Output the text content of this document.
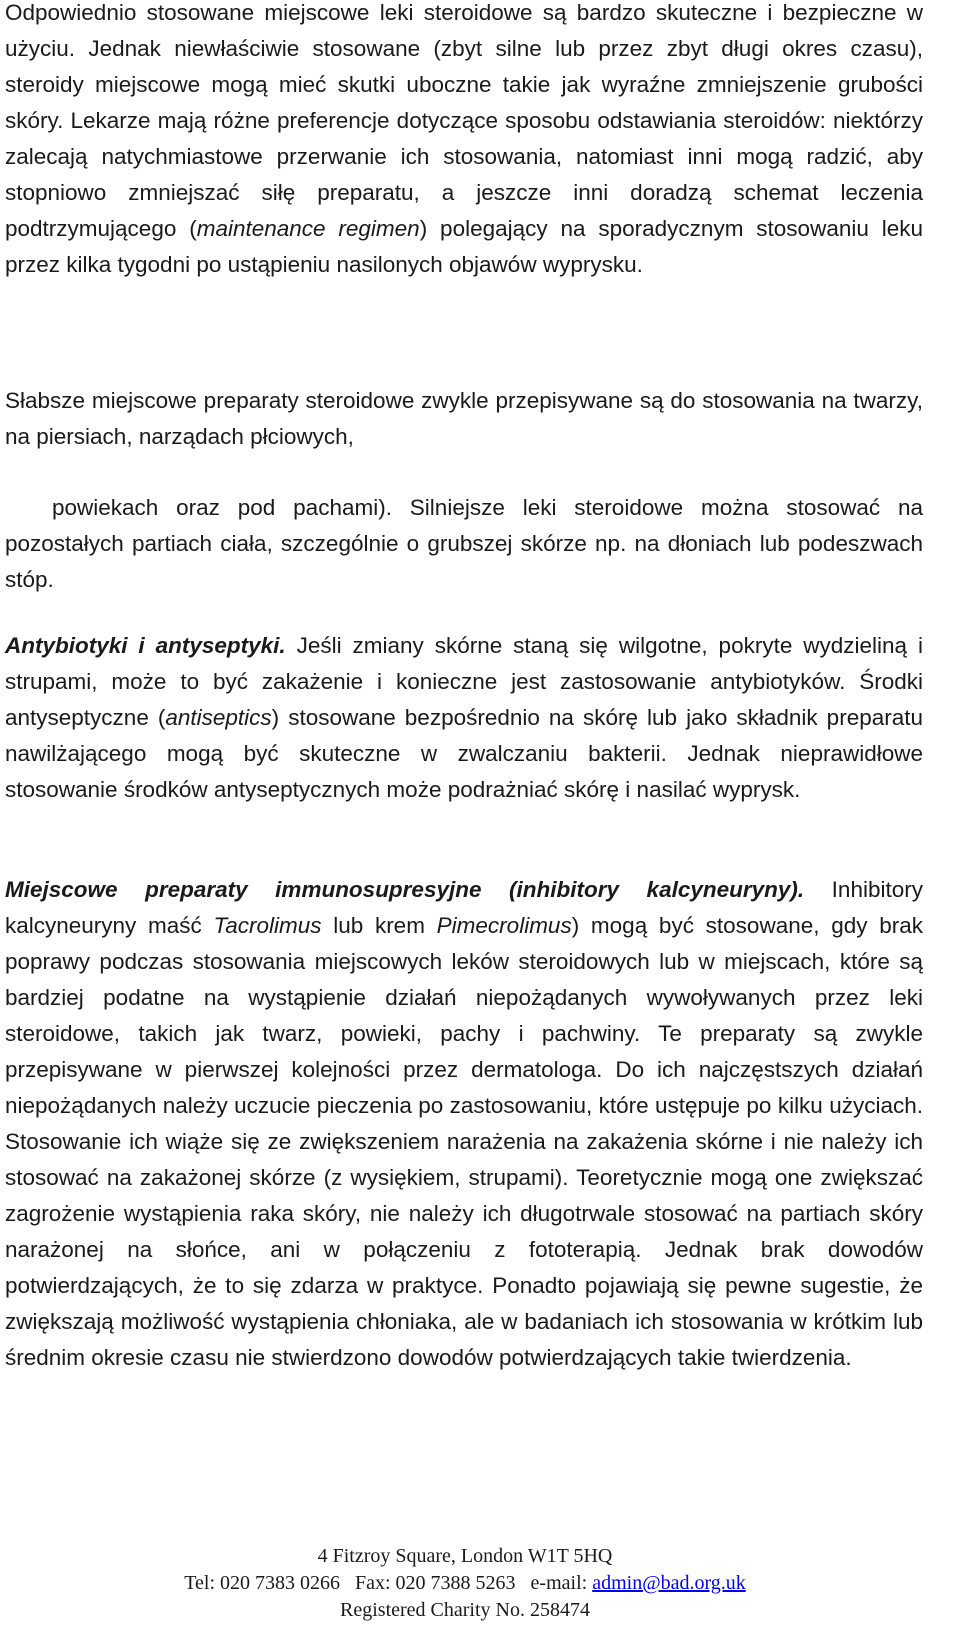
Odpowiednio stosowane miejscowe leki steroidowe są bardzo skuteczne i bezpieczne w użyciu. Jednak niewłaściwie stosowane (zbyt silne lub przez zbyt długi okres czasu), steroidy miejscowe mogą mieć skutki uboczne takie jak wyraźne zmniejszenie grubości skóry. Lekarze mają różne preferencje dotyczące sposobu odstawiania steroidów: niektórzy zalecają natychmiastowe przerwanie ich stosowania, natomiast inni mogą radzić, aby stopniowo zmniejszać siłę preparatu, a jeszcze inni doradzą schemat leczenia podtrzymującego (maintenance regimen) polegający na sporadycznym stosowaniu leku przez kilka tygodni po ustąpieniu nasilonych objawów wyprysku.

Słabsze miejscowe preparaty steroidowe zwykle przepisywane są do stosowania na twarzy, na piersiach, narządach płciowych,

powiekach oraz pod pachami). Silniejsze leki steroidowe można stosować na pozostałych partiach ciała, szczególnie o grubszej skórze np. na dłoniach lub podeszwach stóp.

Antybiotyki i antyseptyki. Jeśli zmiany skórne staną się wilgotne, pokryte wydzieliną i strupami, może to być zakażenie i konieczne jest zastosowanie antybiotyków. Środki antyseptyczne (antiseptics) stosowane bezpośrednio na skórę lub jako składnik preparatu nawilżającego mogą być skuteczne w zwalczaniu bakterii. Jednak nieprawidłowe stosowanie środków antyseptycznych może podrażniać skórę i nasilać wyprysk.

Miejscowe preparaty immunosupresyjne (inhibitory kalcyneuryny). Inhibitory kalcyneuryny maść Tacrolimus lub krem Pimecrolimus) mogą być stosowane, gdy brak poprawy podczas stosowania miejscowych leków steroidowych lub w miejscach, które są bardziej podatne na wystąpienie działań niepożądanych wywoływanych przez leki steroidowe, takich jak twarz, powieki, pachy i pachwiny. Te preparaty są zwykle przepisywane w pierwszej kolejności przez dermatologa. Do ich najczęstszych działań niepożądanych należy uczucie pieczenia po zastosowaniu, które ustępuje po kilku użyciach. Stosowanie ich wiąże się ze zwiększeniem narażenia na zakażenia skórne i nie należy ich stosować na zakażonej skórze (z wysiękiem, strupami). Teoretycznie mogą one zwiększać zagrożenie wystąpienia raka skóry, nie należy ich długotrwale stosować na partiach skóry narażonej na słońce, ani w połączeniu z fototerapią. Jednak brak dowodów potwierdzających, że to się zdarza w praktyce. Ponadto pojawiają się pewne sugestie, że zwiększają możliwość wystąpienia chłoniaka, ale w badaniach ich stosowania w krótkim lub średnim okresie czasu nie stwierdzono dowodów potwierdzających takie twierdzenia.

4 Fitzroy Square, London W1T 5HQ
Tel: 020 7383 0266   Fax: 020 7388 5263   e-mail: admin@bad.org.uk
Registered Charity No. 258474
